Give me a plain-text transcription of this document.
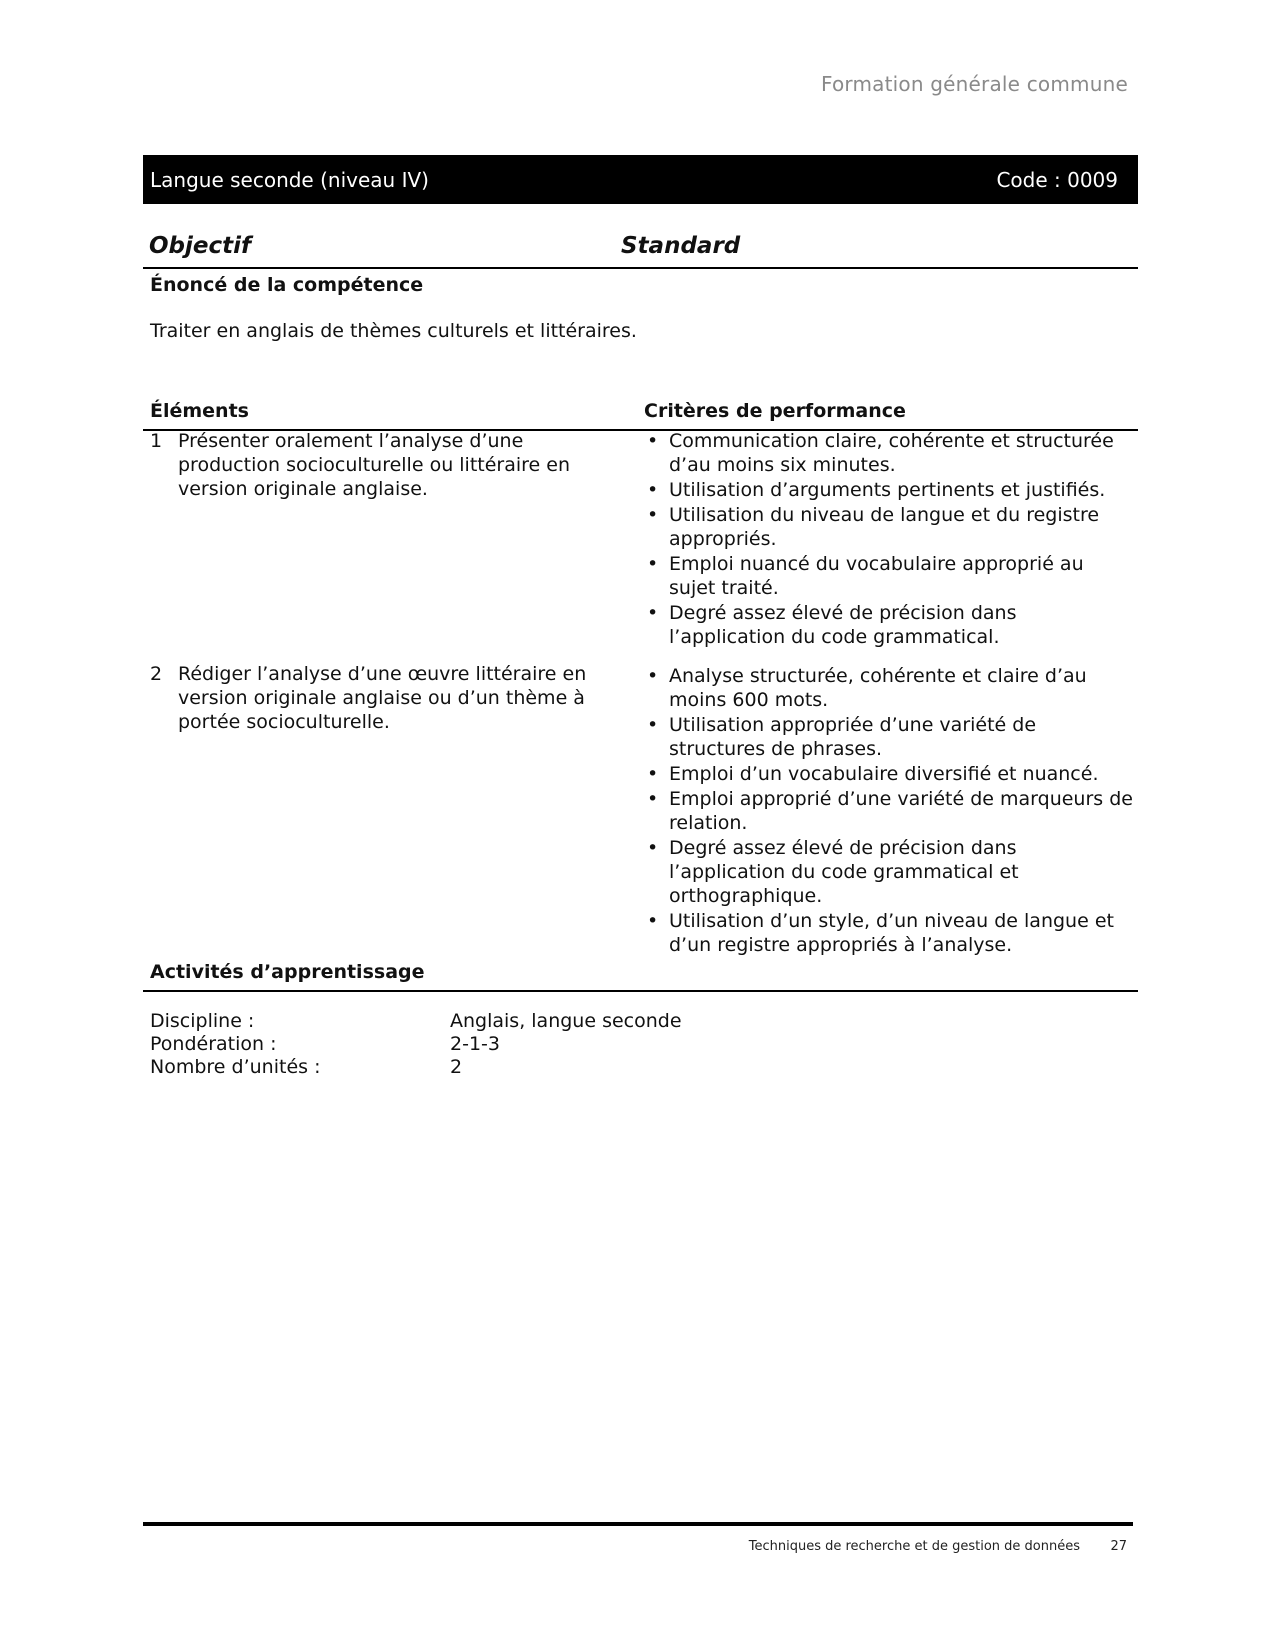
Formation générale commune
Langue seconde (niveau IV)	Code : 0009
Objectif	Standard
Énoncé de la compétence
Traiter en anglais de thèmes culturels et littéraires.
Éléments	Critères de performance
1 Présenter oralement l’analyse d’une production socioculturelle ou littéraire en version originale anglaise.
• Communication claire, cohérente et structurée d’au moins six minutes.
• Utilisation d’arguments pertinents et justifiés.
• Utilisation du niveau de langue et du registre appropriés.
• Emploi nuancé du vocabulaire approprié au sujet traité.
• Degré assez élevé de précision dans l’application du code grammatical.
2 Rédiger l’analyse d’une œuvre littéraire en version originale anglaise ou d’un thème à portée socioculturelle.
• Analyse structurée, cohérente et claire d’au moins 600 mots.
• Utilisation appropriée d’une variété de structures de phrases.
• Emploi d’un vocabulaire diversifié et nuancé.
• Emploi approprié d’une variété de marqueurs de relation.
• Degré assez élevé de précision dans l’application du code grammatical et orthographique.
• Utilisation d’un style, d’un niveau de langue et d’un registre appropriés à l’analyse.
Activités d’apprentissage
Discipline :	Anglais, langue seconde
Pondération :	2-1-3
Nombre d’unités :	2
Techniques de recherche et de gestion de données 27
